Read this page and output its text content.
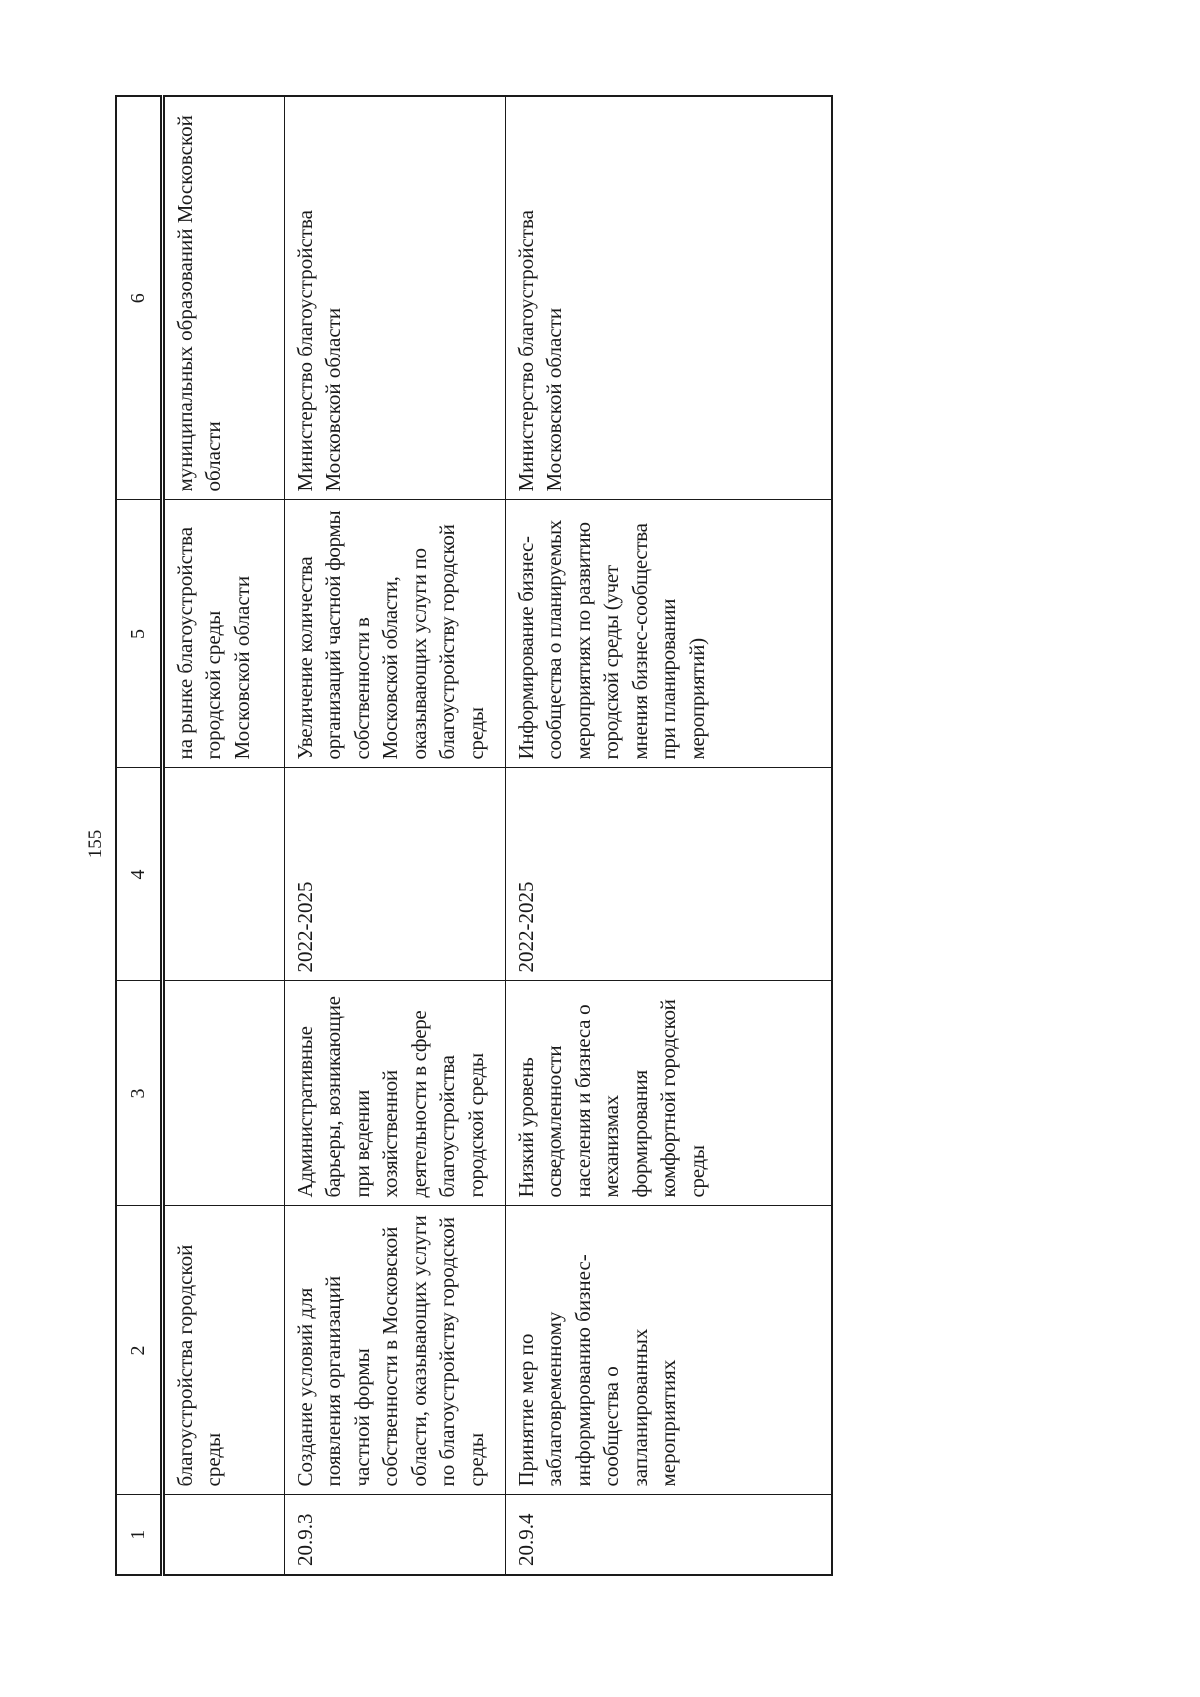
155
1	2	3	4	5	6
	благоустройства городской среды			на рынке благоустройства городской среды Московской области	муниципальных образований Московской области
20.9.3	Создание условий для появления организаций частной формы собственности в Московской области, оказывающих услуги по благоустройству городской среды	Административные барьеры, возникающие при ведении хозяйственной деятельности в сфере благоустройства городской среды	2022-2025	Увеличение количества организаций частной формы собственности в Московской области, оказывающих услуги по благоустройству городской среды	Министерство благоустройства Московской области
20.9.4	Принятие мер по заблаговременному информированию бизнес-сообщества о запланированных мероприятиях	Низкий уровень осведомленности населения и бизнеса о механизмах формирования комфортной городской среды	2022-2025	Информирование бизнес-сообщества о планируемых мероприятиях по развитию городской среды (учет мнения бизнес-сообщества при планировании мероприятий)	Министерство благоустройства Московской области
